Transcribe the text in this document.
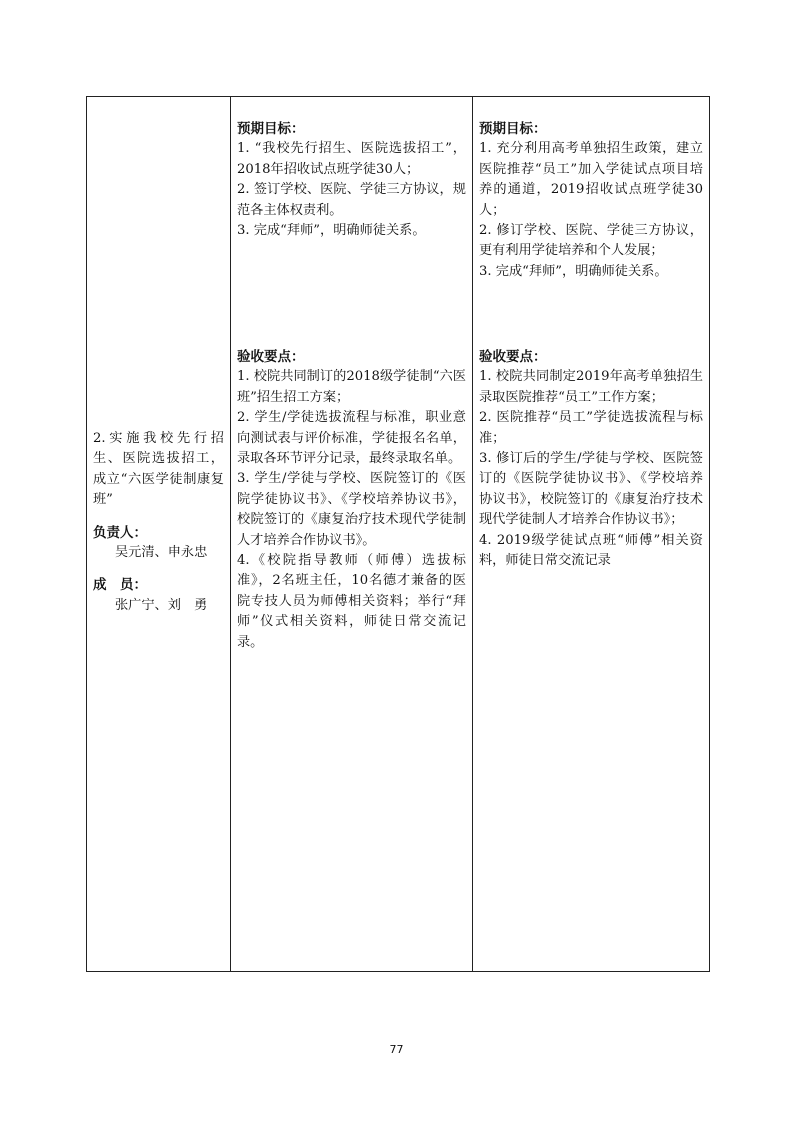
2.实施我校先行招生、医院选拔招工，成立“六医学徒制康复班”
负责人：
吴元清、申永忠
成　员：
张广宁、刘　勇

预期目标：
1. “我校先行招生、医院选拔招工”，2018年招收试点班学徒30人；
2. 签订学校、医院、学徒三方协议，规范各主体权责利。
3. 完成“拜师”，明确师徒关系。
验收要点：
1. 校院共同制订的2018级学徒制“六医班”招生招工方案；
2. 学生/学徒选拔流程与标准，职业意向测试表与评价标准，学徒报名名单，录取各环节评分记录，最终录取名单。
3. 学生/学徒与学校、医院签订的《医院学徒协议书》、《学校培养协议书》，校院签订的《康复治疗技术现代学徒制人才培养合作协议书》。
4.《校院指导教师（师傅）选拔标准》，2名班主任，10名德才兼备的医院专技人员为师傅相关资料；举行“拜师”仪式相关资料，师徒日常交流记录。

预期目标：
1. 充分利用高考单独招生政策，建立医院推荐“员工”加入学徒试点项目培养的通道，2019招收试点班学徒30人；
2. 修订学校、医院、学徒三方协议，更有利用学徒培养和个人发展；
3. 完成“拜师”，明确师徒关系。
验收要点：
1. 校院共同制定2019年高考单独招生录取医院推荐“员工”工作方案；
2. 医院推荐“员工”学徒选拔流程与标准；
3. 修订后的学生/学徒与学校、医院签订的《医院学徒协议书》、《学校培养协议书》，校院签订的《康复治疗技术现代学徒制人才培养合作协议书》；
4. 2019级学徒试点班“师傅”相关资料，师徒日常交流记录
77
